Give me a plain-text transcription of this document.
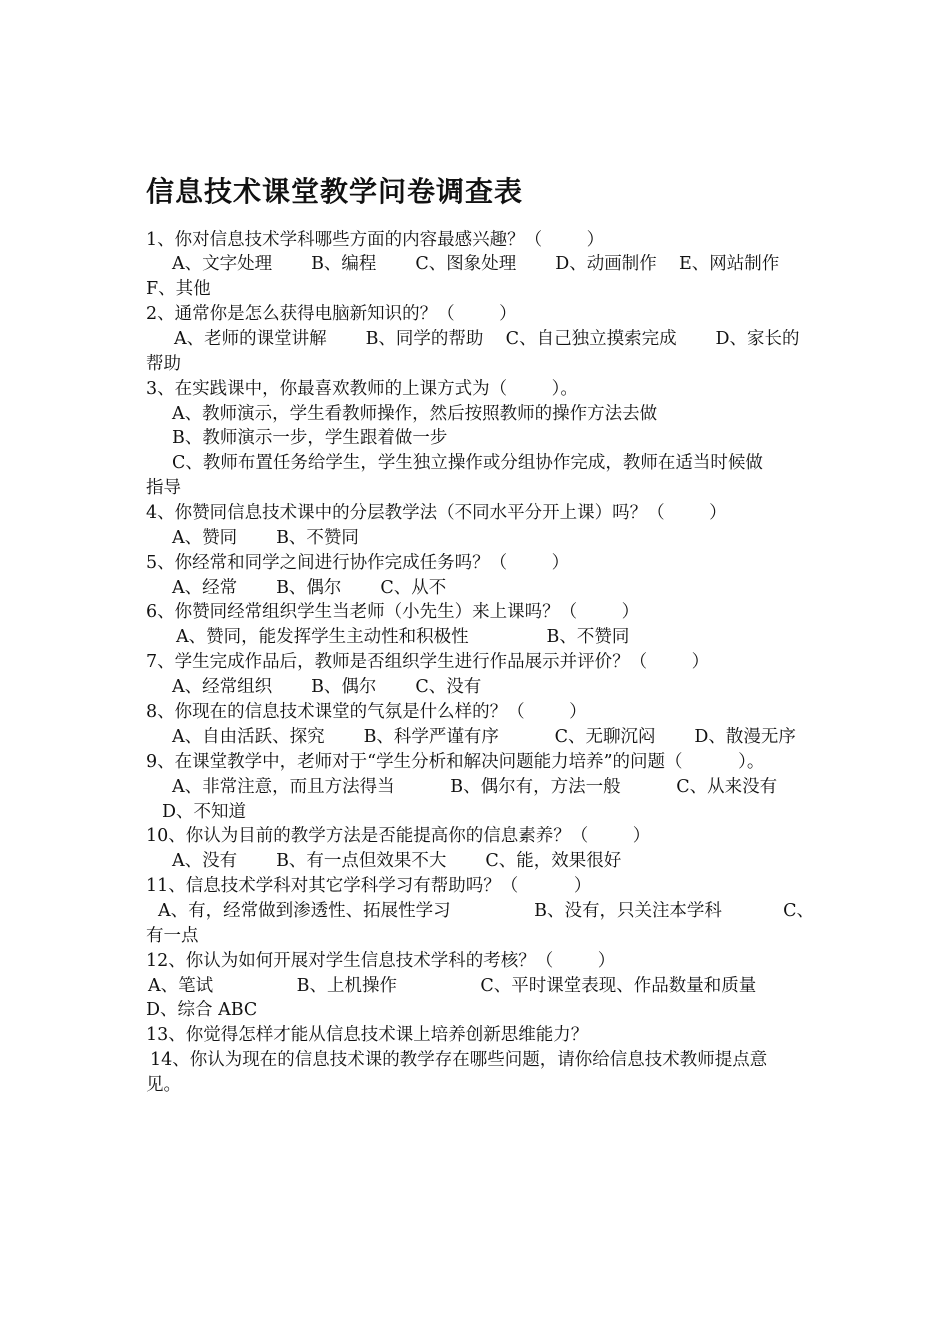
信息技术课堂教学问卷调查表

1、你对信息技术学科哪些方面的内容最感兴趣？（        ）

A、文字处理       B、编程       C、图象处理       D、动画制作    E、网站制作

F、其他

2、通常你是怎么获得电脑新知识的？（        ）

A、老师的课堂讲解       B、同学的帮助    C、自己独立摸索完成       D、家长的

帮助

3、在实践课中，你最喜欢教师的上课方式为（        ）。

A、教师演示，学生看教师操作，然后按照教师的操作方法去做

B、教师演示一步，学生跟着做一步

C、教师布置任务给学生，学生独立操作或分组协作完成，教师在适当时候做

指导

4、你赞同信息技术课中的分层教学法（不同水平分开上课）吗？（        ）

A、赞同       B、不赞同

5、你经常和同学之间进行协作完成任务吗？（        ）

A、经常       B、偶尔       C、从不

6、你赞同经常组织学生当老师（小先生）来上课吗？（        ）

A、赞同，能发挥学生主动性和积极性              B、不赞同

7、学生完成作品后，教师是否组织学生进行作品展示并评价？（        ）

A、经常组织       B、偶尔       C、没有

8、你现在的信息技术课堂的气氛是什么样的？（        ）

A、自由活跃、探究       B、科学严谨有序          C、无聊沉闷       D、散漫无序

9、在课堂教学中，老师对于“学生分析和解决问题能力培养”的问题（          ）。

A、非常注意，而且方法得当          B、偶尔有，方法一般          C、从来没有

D、不知道

10、你认为目前的教学方法是否能提高你的信息素养？（        ）

A、没有       B、有一点但效果不大       C、能，效果很好

11、信息技术学科对其它学科学习有帮助吗？（          ）

A、有，经常做到渗透性、拓展性学习               B、没有，只关注本学科           C、

有一点

12、你认为如何开展对学生信息技术学科的考核？（        ）

A、笔试               B、上机操作               C、平时课堂表现、作品数量和质量

D、综合 ABC

13、你觉得怎样才能从信息技术课上培养创新思维能力？

14、你认为现在的信息技术课的教学存在哪些问题，请你给信息技术教师提点意

见。
